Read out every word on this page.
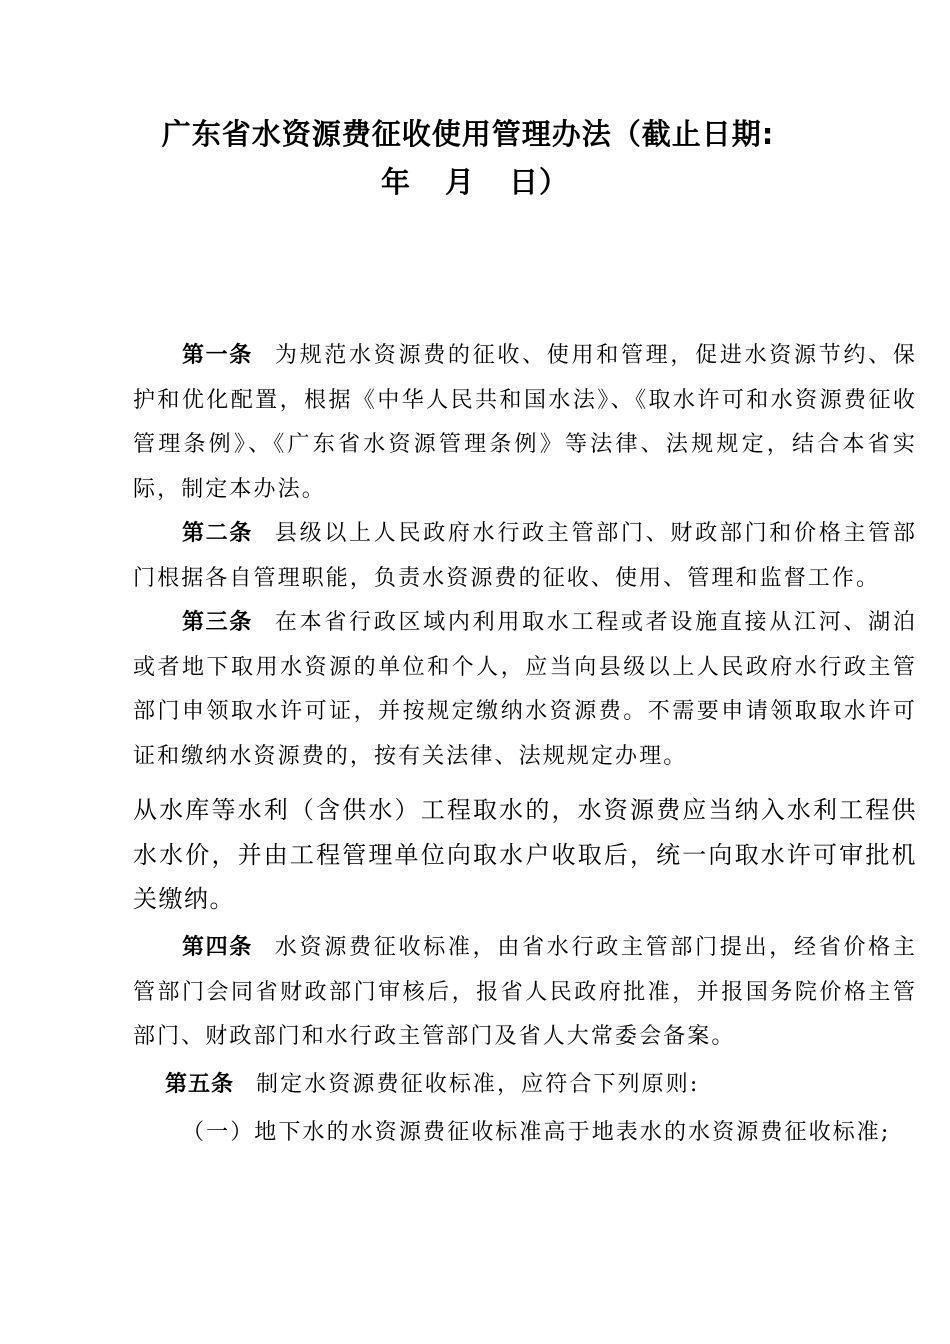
广东省水资源费征收使用管理办法（截止日期:
年 月 日）
第一条 为规范水资源费的征收、使用和管理，促进水资源节约、保护和优化配置，根据《中华人民共和国水法》、《取水许可和水资源费征收管理条例》、《广东省水资源管理条例》等法律、法规规定，结合本省实际，制定本办法。
第二条 县级以上人民政府水行政主管部门、财政部门和价格主管部门根据各自管理职能，负责水资源费的征收、使用、管理和监督工作。
第三条 在本省行政区域内利用取水工程或者设施直接从江河、湖泊或者地下取用水资源的单位和个人，应当向县级以上人民政府水行政主管部门申领取水许可证，并按规定缴纳水资源费。不需要申请领取取水许可证和缴纳水资源费的，按有关法律、法规规定办理。
从水库等水利（含供水）工程取水的，水资源费应当纳入水利工程供水水价，并由工程管理单位向取水户收取后，统一向取水许可审批机关缴纳。
第四条 水资源费征收标准，由省水行政主管部门提出，经省价格主管部门会同省财政部门审核后，报省人民政府批准，并报国务院价格主管部门、财政部门和水行政主管部门及省人大常委会备案。
第五条 制定水资源费征收标准，应符合下列原则:
（一）地下水的水资源费征收标准高于地表水的水资源费征收标准;
